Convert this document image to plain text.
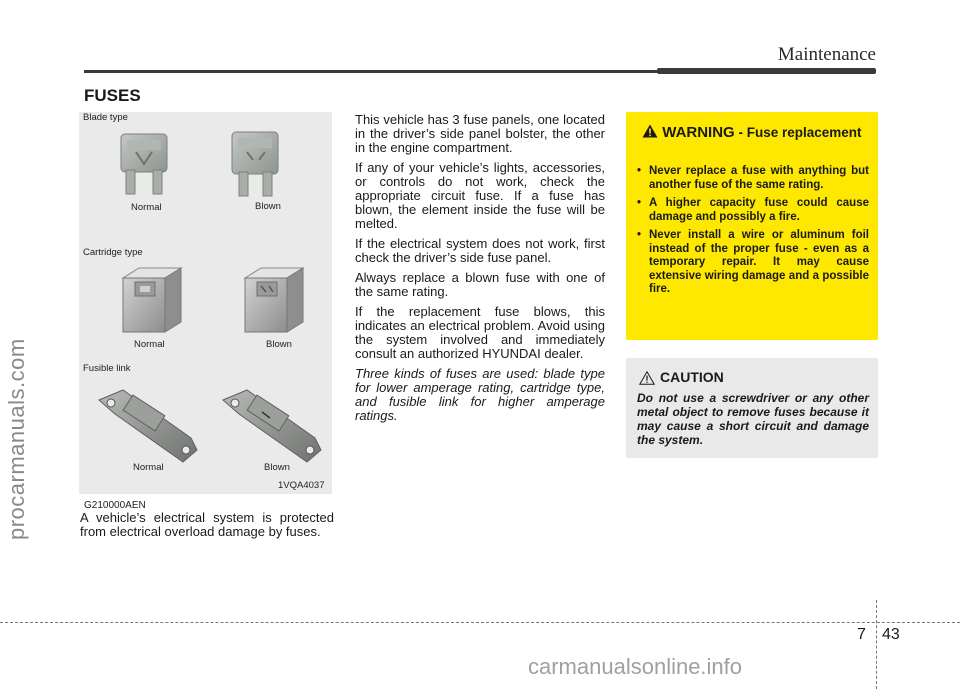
Maintenance
procarmanuals.com
carmanualsonline.info
FUSES
Blade type
Normal	Blown
Cartridge type
Normal	Blown
Fusible link
Normal	Blown
1VQA4037
G210000AEN
A vehicle’s electrical system is protected from electrical overload damage by fuses.

This vehicle has 3 fuse panels, one located in the driver’s side panel bolster, the other in the engine compartment.

If any of your vehicle’s lights, accessories, or controls do not work, check the appropriate circuit fuse. If a fuse has blown, the element inside the fuse will be melted.

If the electrical system does not work, first check the driver’s side fuse panel.

Always replace a blown fuse with one of the same rating.

If the replacement fuse blows, this indicates an electrical problem. Avoid using the system involved and immediately consult an authorized HYUNDAI dealer.

Three kinds of fuses are used: blade type for lower amperage rating, cartridge type, and fusible link for higher amperage ratings.

WARNING - Fuse replacement
• Never replace a fuse with anything but another fuse of the same rating.
• A higher capacity fuse could cause damage and possibly a fire.
• Never install a wire or aluminum foil instead of the proper fuse - even as a temporary repair. It may cause extensive wiring damage and a possible fire.
CAUTION
Do not use a screwdriver or any other metal object to remove fuses because it may cause a short circuit and damage the system.
7 43
